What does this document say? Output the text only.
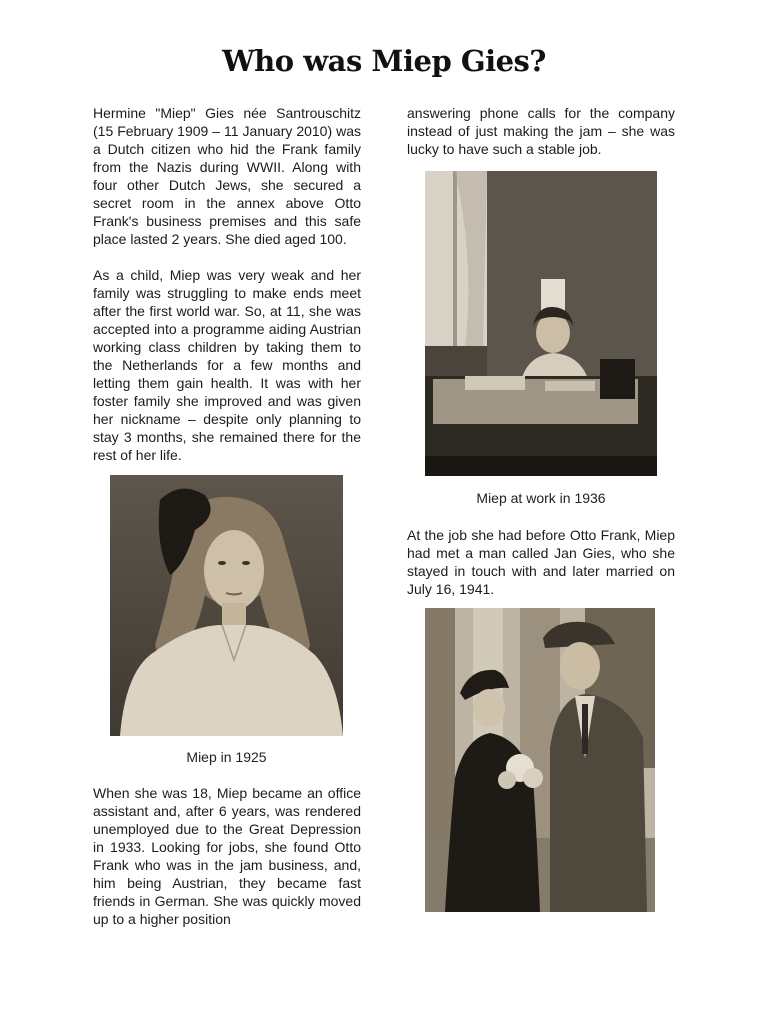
Who was Miep Gies?

Hermine "Miep" Gies née Santrouschitz (15 February 1909 – 11 January 2010) was a Dutch citizen who hid the Frank family from the Nazis during WWII. Along with four other Dutch Jews, she secured a secret room in the annex above Otto Frank's business premises and this safe place lasted 2 years. She died aged 100.

As a child, Miep was very weak and her family was struggling to make ends meet after the first world war. So, at 11, she was accepted into a programme aiding Austrian working class children by taking them to the Netherlands for a few months and letting them gain health. It was with her foster family she improved and was given her nickname – despite only planning to stay 3 months, she remained there for the rest of her life.

Miep in 1925

When she was 18, Miep became an office assistant and, after 6 years, was rendered unemployed due to the Great Depression in 1933. Looking for jobs, she found Otto Frank who was in the jam business, and, him being Austrian, they became fast friends in German. She was quickly moved up to a higher position

answering phone calls for the company instead of just making the jam – she was lucky to have such a stable job.

Miep at work in 1936

At the job she had before Otto Frank, Miep had met a man called Jan Gies, who she stayed in touch with and later married on July 16, 1941.
